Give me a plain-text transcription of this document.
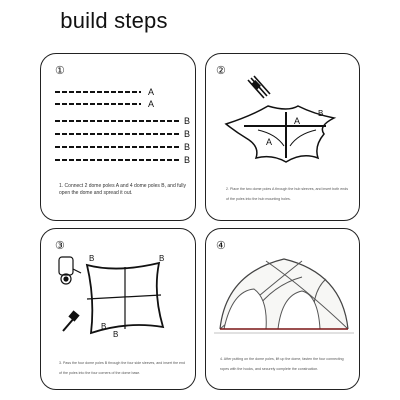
build steps
①
A
A
B
B
B
B
1. Connect 2 dome poles A and 4 dome poles B, and fully open the dome and spread it out.
②
A
A
B
2. Place the two dome poles A through the hub sleeves, and insert both ends of the poles into the hub mounting holes.
③
B	B
B
B
3. Pass the four dome poles B through the four side sleeves, and insert the end of the poles into the four corners of the dome base.
④
4. After putting on the dome poles, lift up the dome, fasten the four connecting ropes with the hooks, and securely complete the construction.
